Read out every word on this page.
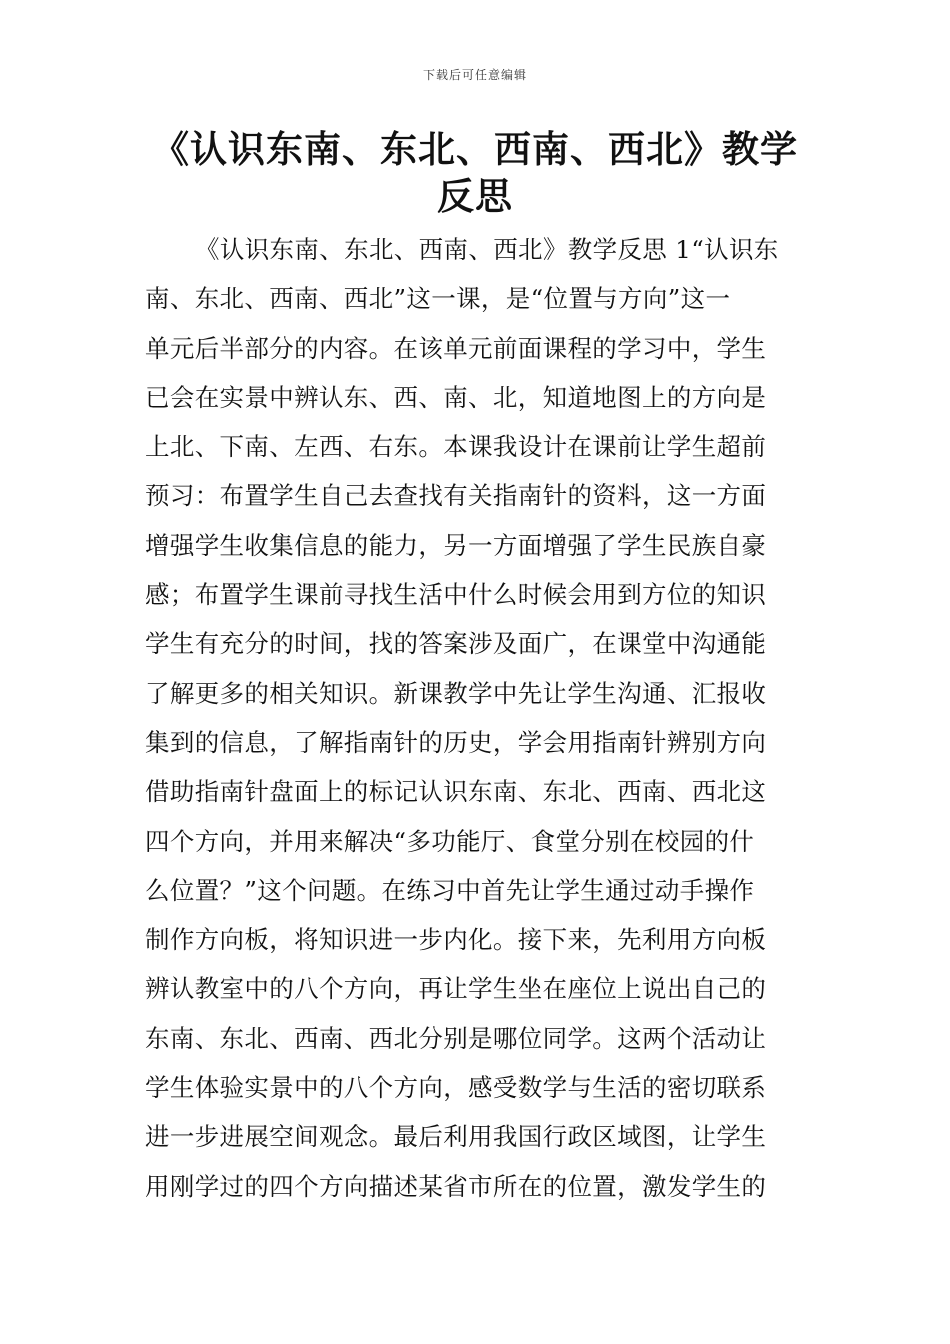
下载后可任意编辑
《认识东南、东北、西南、西北》教学反思
《认识东南、东北、西南、西北》教学反思 1“认识东
南、东北、西南、西北”这一课，是“位置与方向”这一
单元后半部分的内容。在该单元前面课程的学习中，学生
已会在实景中辨认东、西、南、北，知道地图上的方向是
上北、下南、左西、右东。本课我设计在课前让学生超前
预习：布置学生自己去查找有关指南针的资料，这一方面
增强学生收集信息的能力，另一方面增强了学生民族自豪
感；布置学生课前寻找生活中什么时候会用到方位的知识
学生有充分的时间，找的答案涉及面广，在课堂中沟通能
了解更多的相关知识。新课教学中先让学生沟通、汇报收
集到的信息，了解指南针的历史，学会用指南针辨别方向
借助指南针盘面上的标记认识东南、东北、西南、西北这
四个方向，并用来解决“多功能厅、食堂分别在校园的什
么位置？”这个问题。在练习中首先让学生通过动手操作
制作方向板，将知识进一步内化。接下来，先利用方向板
辨认教室中的八个方向，再让学生坐在座位上说出自己的
东南、东北、西南、西北分别是哪位同学。这两个活动让
学生体验实景中的八个方向，感受数学与生活的密切联系
进一步进展空间观念。最后利用我国行政区域图，让学生
用刚学过的四个方向描述某省市所在的位置，激发学生的
